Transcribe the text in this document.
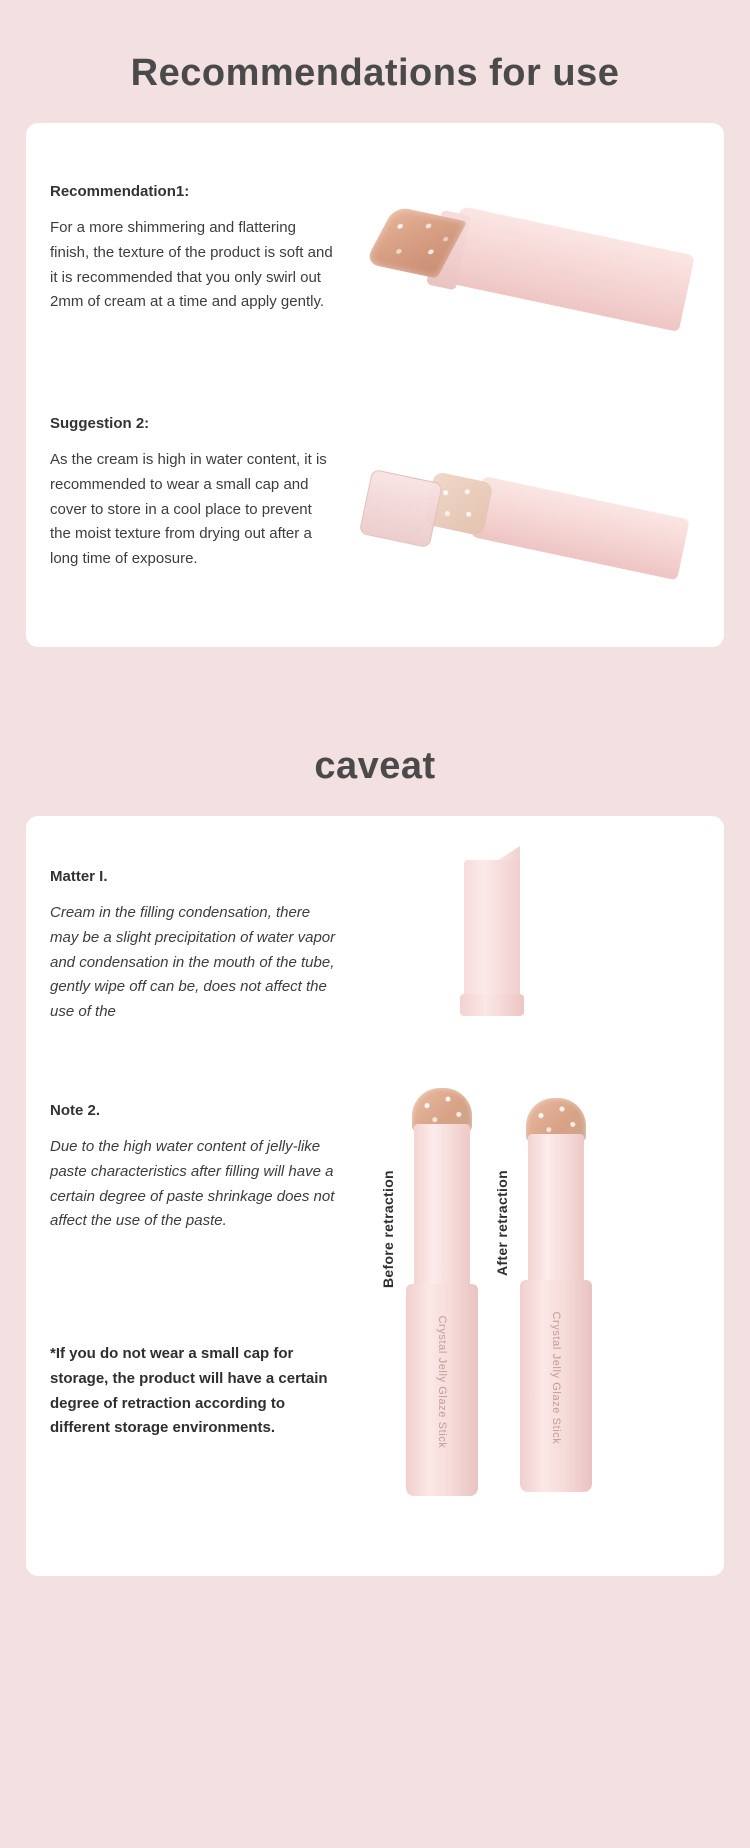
Recommendations for use
Recommendation1:
For a more shimmering and flattering finish, the texture of the product is soft and it is recommended that you only swirl out 2mm of cream at a time and apply gently.
Suggestion 2:
As the cream is high in water content, it is recommended to wear a small cap and cover to store in a cool place to prevent the moist texture from drying out after a long time of exposure.
caveat
Matter I.
Cream in the filling condensation, there may be a slight precipitation of water vapor and condensation in the mouth of the tube, gently wipe off can be, does not affect the use of the
Note 2.
Due to the high water content of jelly-like paste characteristics after filling will have a certain degree of paste shrinkage does not affect the use of the paste.
*If you do not wear a small cap for storage, the product will have a certain degree of retraction according to different storage environments.
Before retraction
Crystal Jelly Glaze Stick
After retraction
Crystal Jelly Glaze Stick
